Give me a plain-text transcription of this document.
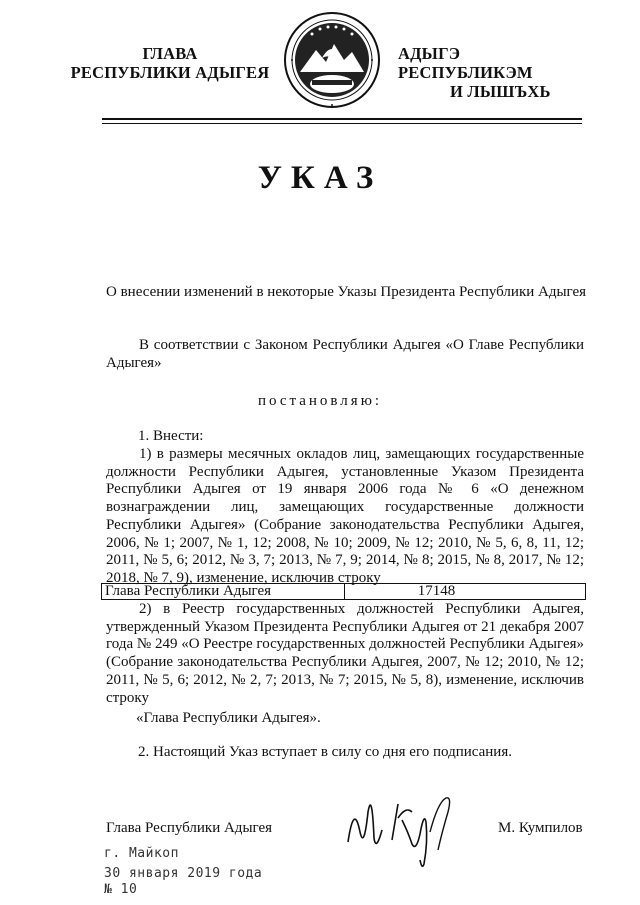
ГЛАВА
РЕСПУБЛИКИ АДЫГЕЯ
АДЫГЭ РЕСПУБЛИКЭМ
И ЛЫШЪХЬ
УКАЗ
О внесении изменений в некоторые Указы Президента Республики Адыгея
В соответствии с Законом Республики Адыгея «О Главе Республики Адыгея»
постановляю:
1. Внести:
1) в размеры месячных окладов лиц, замещающих государственные должности Республики Адыгея, установленные Указом Президента Республики Адыгея от 19 января 2006 года № 6 «О денежном вознаграждении лиц, замещающих государственные должности Республики Адыгея» (Собрание законодательства Республики Адыгея, 2006, № 1; 2007, № 1, 12; 2008, № 10; 2009, № 12; 2010, № 5, 6, 8, 11, 12; 2011, № 5, 6; 2012, № 3, 7; 2013, № 7, 9; 2014, № 8; 2015, № 8, 2017, № 12; 2018, № 7, 9), изменение, исключив строку
Глава Республики Адыгея	17148
2) в Реестр государственных должностей Республики Адыгея, утвержденный Указом Президента Республики Адыгея от 21 декабря 2007 года № 249 «О Реестре государственных должностей Республики Адыгея» (Собрание законодательства Республики Адыгея, 2007, № 12; 2010, № 12; 2011, № 5, 6; 2012, № 2, 7; 2013, № 7; 2015, № 5, 8), изменение, исключив строку
«Глава Республики Адыгея».
2. Настоящий Указ вступает в силу со дня его подписания.
Глава Республики Адыгея	М. Кумпилов
г. Майкоп
30 января 2019 года
№ 10
